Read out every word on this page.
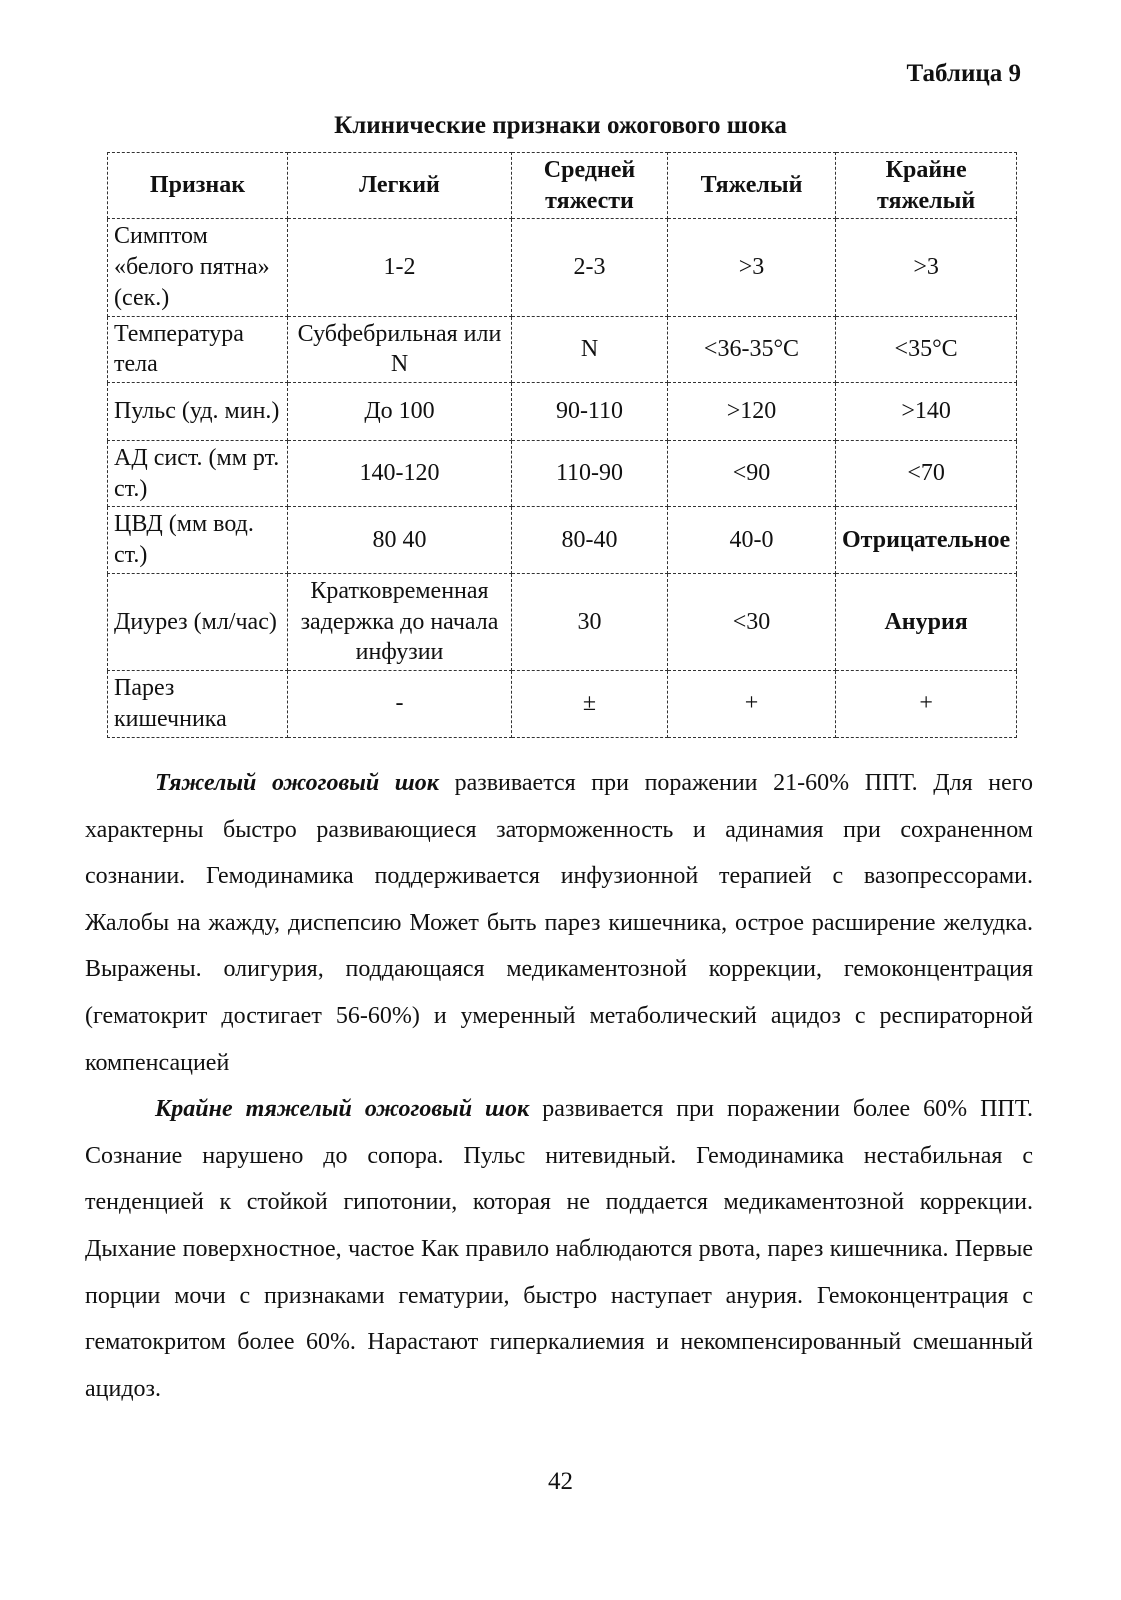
Таблица 9
Клинические признаки ожогового шока
Признак	Легкий	Средней тяжести	Тяжелый	Крайне тяжелый
Симптом «белого пятна» (сек.)	1-2	2-3	>3	>3
Температура тела	Субфебрильная или N	N	<36-35°C	<35°C
Пульс (уд. мин.)	До 100	90-110	>120	>140
АД сист. (мм рт. ст.)	140-120	110-90	<90	<70
ЦВД (мм вод. ст.)	80 40	80-40	40-0	Отрицательное
Диурез (мл/час)	Кратковременная задержка до начала инфузии	30	<30	Анурия
Парез кишечника	-	±	+	+

Тяжелый ожоговый шок развивается при поражении 21-60% ППТ. Для него характерны быстро развивающиеся заторможенность и адинамия при сохраненном сознании. Гемодинамика поддерживается инфузионной терапией с вазопрессорами. Жалобы на жажду, диспепсию Может быть парез кишечника, острое расширение желудка. Выражены. олигурия, поддающаяся медикаментозной коррекции, гемоконцентрация (гематокрит достигает 56-60%) и умеренный метаболический ацидоз с респираторной компенсацией

Крайне тяжелый ожоговый шок развивается при поражении более 60% ППТ. Сознание нарушено до сопора. Пульс нитевидный. Гемодинамика нестабильная с тенденцией к стойкой гипотонии, которая не поддается медикаментозной коррекции. Дыхание поверхностное, частое Как правило наблюдаются рвота, парез кишечника. Первые порции мочи с признаками гематурии, быстро наступает анурия. Гемоконцентрация с гематокритом более 60%. Нарастают гиперкалиемия и некомпенсированный смешанный ацидоз.

42
